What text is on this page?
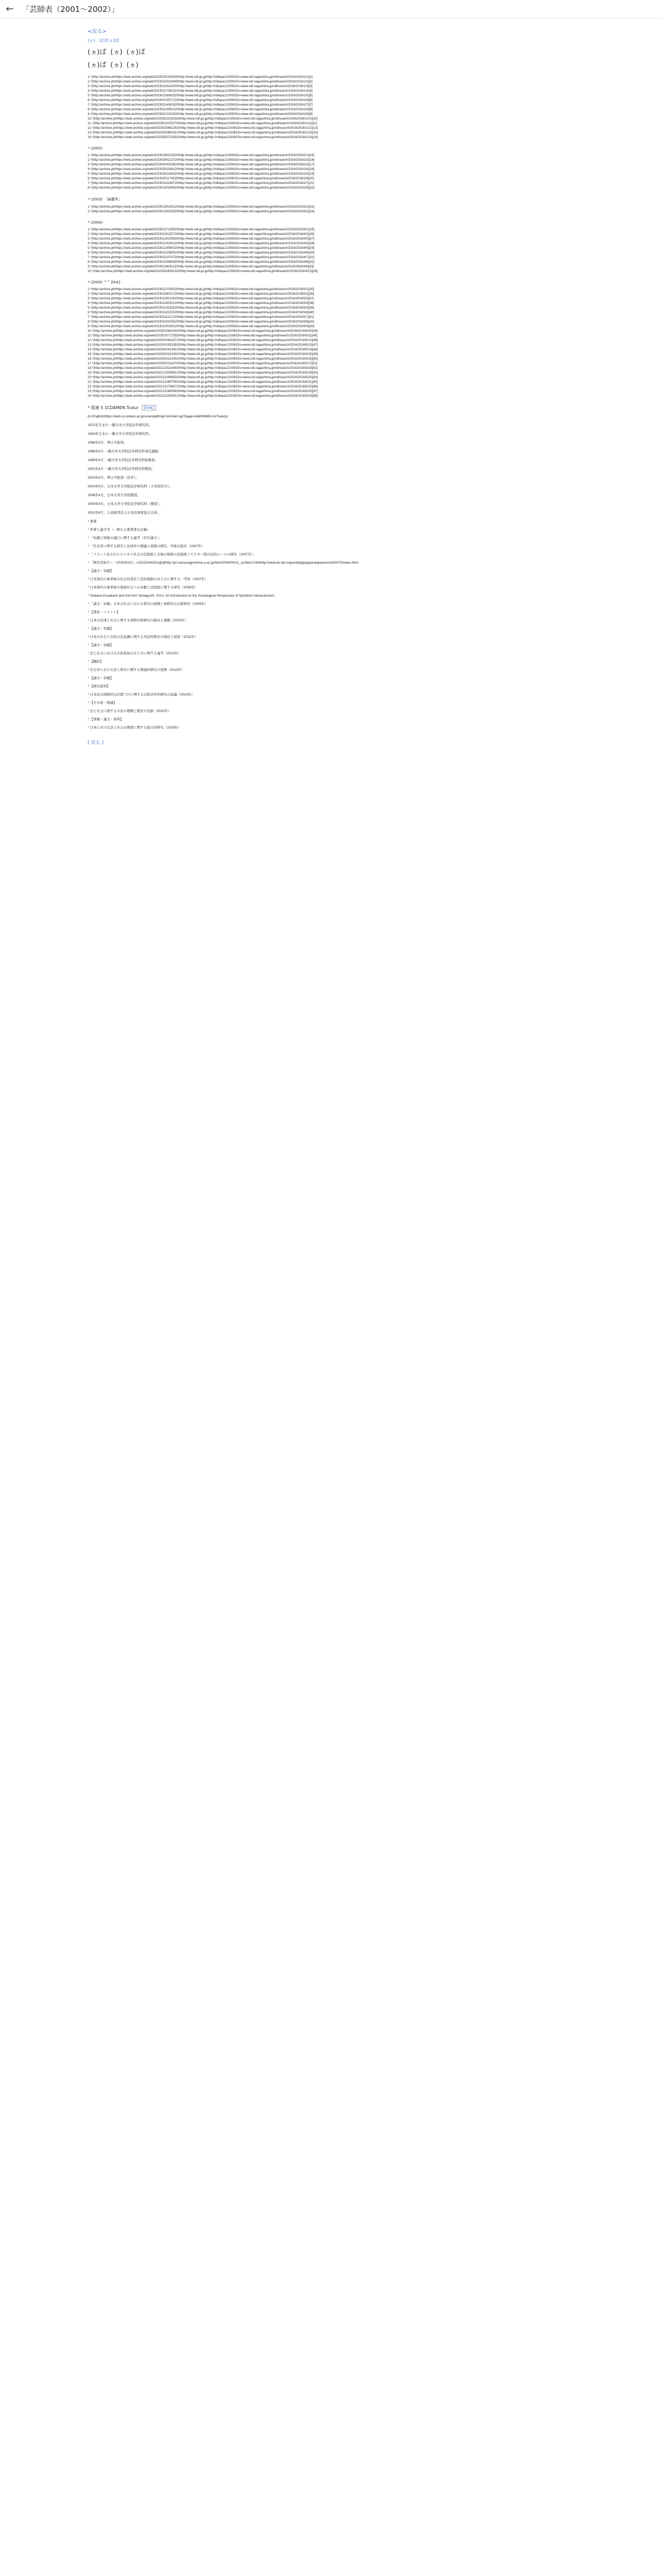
← 「芸師表（2001〜2002）」
<戻る>
(ヵ) ぱぱ(ヵ)ぱ
(ヵ)ぱ (ヵ) (ヵ)ぱ
(ヵ)ぱ (ヵ) (ヵ)

1.^(http://archive.ph/https://web.archive.org/web/20230220183045/http://www.ndl.go.jp/http://ndlopac2100815/s=www.ndl.nagashima.jp/ndl/search/2016/2016/1/1)[1]

2.^(http://archive.ph/https://web.archive.org/web/20230219102845/http://www.ndl.go.jp/http://ndlopac2100815/s=www.ndl.nagashima.jp/ndl/search/2016/2016/1/2)[2]

3.^(http://archive.ph/https://web.archive.org/web/20230218114320/http://www.ndl.go.jp/http://ndlopac2100815/s=www.ndl.nagashima.jp/ndl/search/2016/2016/1/3)[3]

4.^(http://archive.ph/https://web.archive.org/web/20230217091021/http://www.ndl.go.jp/http://ndlopac2100815/s=www.ndl.nagashima.jp/ndl/search/2016/2016/1/4)[4]

5.^(http://archive.ph/https://web.archive.org/web/20230216081520/http://www.ndl.go.jp/http://ndlopac2100815/s=www.ndl.nagashima.jp/ndl/search/2016/2016/1/5)[5]

6.^(http://archive.ph/https://web.archive.org/web/20230215071720/http://www.ndl.go.jp/http://ndlopac2100815/s=www.ndl.nagashima.jp/ndl/search/2016/2016/1/6)[6]

7.^(http://archive.ph/https://web.archive.org/web/20230214061920/http://www.ndl.go.jp/http://ndlopac2100815/s=www.ndl.nagashima.jp/ndl/search/2016/2016/1/7)[7]

8.^(http://archive.ph/https://web.archive.org/web/20230213052120/http://www.ndl.go.jp/http://ndlopac2100815/s=www.ndl.nagashima.jp/ndl/search/2016/2016/1/8)[8]

9.^(http://archive.ph/https://web.archive.org/web/20230212042320/http://www.ndl.go.jp/http://ndlopac2100815/s=www.ndl.nagashima.jp/ndl/search/2016/2016/1/9)[9]

10.^(http://archive.ph/https://web.archive.org/web/20230211032520/http://www.ndl.go.jp/http://ndlopac2100815/s=www.ndl.nagashima.jp/ndl/search/2016/2016/1/10)[10]

11.^(http://archive.ph/https://web.archive.org/web/20230210022720/http://www.ndl.go.jp/http://ndlopac2100815/s=www.ndl.nagashima.jp/ndl/search/2016/2016/1/11)[11]

12.^(http://archive.ph/https://web.archive.org/web/20230209012920/http://www.ndl.go.jp/http://ndlopac2100815/s=www.ndl.nagashima.jp/ndl/search/2016/2016/1/12)[12]

13.^(http://archive.ph/https://web.archive.org/web/20230208003120/http://www.ndl.go.jp/http://ndlopac2100815/s=www.ndl.nagashima.jp/ndl/search/2016/2016/1/13)[13]

14.^(http://archive.ph/https://web.archive.org/web/20230207233320/http://www.ndl.go.jp/http://ndlopac2100815/s=www.ndl.nagashima.jp/ndl/search/2016/2016/1/14)[14]

* (2002)

1.^(http://archive.ph/https://web.archive.org/web/20230206223520/http://www.ndl.go.jp/http://ndlopac2100815/s=www.ndl.nagashima.jp/ndl/search/2016/2016/2/1)[15]

2.^(http://archive.ph/https://web.archive.org/web/20230205213720/http://www.ndl.go.jp/http://ndlopac2100815/s=www.ndl.nagashima.jp/ndl/search/2016/2016/2/2)[16]

3.^(http://archive.ph/https://web.archive.org/web/20230204203920/http://www.ndl.go.jp/http://ndlopac2100815/s=www.ndl.nagashima.jp/ndl/search/2016/2016/2/3)[17]

4.^(http://archive.ph/https://web.archive.org/web/20230203194120/http://www.ndl.go.jp/http://ndlopac2100815/s=www.ndl.nagashima.jp/ndl/search/2016/2016/2/4)[18]

5.^(http://archive.ph/https://web.archive.org/web/20230202184320/http://www.ndl.go.jp/http://ndlopac2100815/s=www.ndl.nagashima.jp/ndl/search/2016/2016/2/5)[19]

6.^(http://archive.ph/https://web.archive.org/web/20230201174520/http://www.ndl.go.jp/http://ndlopac2100815/s=www.ndl.nagashima.jp/ndl/search/2016/2016/2/6)[20]

7.^(http://archive.ph/https://web.archive.org/web/20230131164720/http://www.ndl.go.jp/http://ndlopac2100815/s=www.ndl.nagashima.jp/ndl/search/2016/2016/2/7)[21]

8.^(http://archive.ph/https://web.archive.org/web/20230130154920/http://www.ndl.go.jp/http://ndlopac2100815/s=www.ndl.nagashima.jp/ndl/search/2016/2016/2/8)[22]

* (2003) 「論叢等」

1.^(http://archive.ph/https://web.archive.org/web/20230129145120/http://www.ndl.go.jp/http://ndlopac2100815/s=www.ndl.nagashima.jp/ndl/search/2016/2016/3/1)[23]

2.^(http://archive.ph/https://web.archive.org/web/20230128135320/http://www.ndl.go.jp/http://ndlopac2100815/s=www.ndl.nagashima.jp/ndl/search/2016/2016/3/2)[24]

* (2004)

1.^(http://archive.ph/https://web.archive.org/web/20230127125520/http://www.ndl.go.jp/http://ndlopac2100815/s=www.ndl.nagashima.jp/ndl/search/2016/2016/4/1)[25]

2.^(http://archive.ph/https://web.archive.org/web/20230126115720/http://www.ndl.go.jp/http://ndlopac2100815/s=www.ndl.nagashima.jp/ndl/search/2016/2016/4/2)[26]

3.^(http://archive.ph/https://web.archive.org/web/20230125105920/http://www.ndl.go.jp/http://ndlopac2100815/s=www.ndl.nagashima.jp/ndl/search/2016/2016/4/3)[27]

4.^(http://archive.ph/https://web.archive.org/web/20230124100120/http://www.ndl.go.jp/http://ndlopac2100815/s=www.ndl.nagashima.jp/ndl/search/2016/2016/4/4)[28]

5.^(http://archive.ph/https://web.archive.org/web/20230123090320/http://www.ndl.go.jp/http://ndlopac2100815/s=www.ndl.nagashima.jp/ndl/search/2016/2016/4/5)[29]

6.^(http://archive.ph/https://web.archive.org/web/20230122080520/http://www.ndl.go.jp/http://ndlopac2100815/s=www.ndl.nagashima.jp/ndl/search/2016/2016/4/6)[30]

7.^(http://archive.ph/https://web.archive.org/web/20230121070720/http://www.ndl.go.jp/http://ndlopac2100815/s=www.ndl.nagashima.jp/ndl/search/2016/2016/4/7)[31]

8.^(http://archive.ph/https://web.archive.org/web/20230120060920/http://www.ndl.go.jp/http://ndlopac2100815/s=www.ndl.nagashima.jp/ndl/search/2016/2016/4/8)[32]

9.^(http://archive.ph/https://web.archive.org/web/20230119051120/http://www.ndl.go.jp/http://ndlopac2100815/s=www.ndl.nagashima.jp/ndl/search/2016/2016/4/9)[33]

10.^(http://archive.ph/https://web.archive.org/web/20230118041320/http://www.ndl.go.jp/http://ndlopac2100815/s=www.ndl.nagashima.jp/ndl/search/2016/2016/4/10)[34]

* (2005) ^^ [link]

1.^(http://archive.ph/https://web.archive.org/web/20230117031520/http://www.ndl.go.jp/http://ndlopac2100815/s=www.ndl.nagashima.jp/ndl/search/2016/2016/5/1)[35]

2.^(http://archive.ph/https://web.archive.org/web/20230116021720/http://www.ndl.go.jp/http://ndlopac2100815/s=www.ndl.nagashima.jp/ndl/search/2016/2016/5/2)[36]

3.^(http://archive.ph/https://web.archive.org/web/20230115011920/http://www.ndl.go.jp/http://ndlopac2100815/s=www.ndl.nagashima.jp/ndl/search/2016/2016/5/3)[37]

4.^(http://archive.ph/https://web.archive.org/web/20230114002120/http://www.ndl.go.jp/http://ndlopac2100815/s=www.ndl.nagashima.jp/ndl/search/2016/2016/5/4)[38]

5.^(http://archive.ph/https://web.archive.org/web/20230113232320/http://www.ndl.go.jp/http://ndlopac2100815/s=www.ndl.nagashima.jp/ndl/search/2016/2016/5/5)[39]

6.^(http://archive.ph/https://web.archive.org/web/20230112222520/http://www.ndl.go.jp/http://ndlopac2100815/s=www.ndl.nagashima.jp/ndl/search/2016/2016/5/6)[40]

7.^(http://archive.ph/https://web.archive.org/web/20230111212720/http://www.ndl.go.jp/http://ndlopac2100815/s=www.ndl.nagashima.jp/ndl/search/2016/2016/5/7)[41]

8.^(http://archive.ph/https://web.archive.org/web/20230110202920/http://www.ndl.go.jp/http://ndlopac2100815/s=www.ndl.nagashima.jp/ndl/search/2016/2016/5/8)[42]

9.^(http://archive.ph/https://web.archive.org/web/20230109193120/http://www.ndl.go.jp/http://ndlopac2100815/s=www.ndl.nagashima.jp/ndl/search/2016/2016/5/9)[43]

10.^(http://archive.ph/https://web.archive.org/web/20230108183320/http://www.ndl.go.jp/http://ndlopac2100815/s=www.ndl.nagashima.jp/ndl/search/2016/2016/5/10)[44]

11.^(http://archive.ph/https://web.archive.org/web/20230107173520/http://www.ndl.go.jp/http://ndlopac2100815/s=www.ndl.nagashima.jp/ndl/search/2016/2016/5/11)[45]

12.^(http://archive.ph/https://web.archive.org/web/20230106163720/http://www.ndl.go.jp/http://ndlopac2100815/s=www.ndl.nagashima.jp/ndl/search/2016/2016/5/12)[46]

13.^(http://archive.ph/https://web.archive.org/web/20230105153920/http://www.ndl.go.jp/http://ndlopac2100815/s=www.ndl.nagashima.jp/ndl/search/2016/2016/5/13)[47]

14.^(http://archive.ph/https://web.archive.org/web/20230104144120/http://www.ndl.go.jp/http://ndlopac2100815/s=www.ndl.nagashima.jp/ndl/search/2016/2016/5/14)[48]

15.^(http://archive.ph/https://web.archive.org/web/20230103134320/http://www.ndl.go.jp/http://ndlopac2100815/s=www.ndl.nagashima.jp/ndl/search/2016/2016/5/15)[49]

16.^(http://archive.ph/https://web.archive.org/web/20230102124520/http://www.ndl.go.jp/http://ndlopac2100815/s=www.ndl.nagashima.jp/ndl/search/2016/2016/5/16)[50]

17.^(http://archive.ph/https://web.archive.org/web/20230101114720/http://www.ndl.go.jp/http://ndlopac2100815/s=www.ndl.nagashima.jp/ndl/search/2016/2016/5/17)[51]

18.^(http://archive.ph/https://web.archive.org/web/20221231104920/http://www.ndl.go.jp/http://ndlopac2100815/s=www.ndl.nagashima.jp/ndl/search/2016/2016/5/18)[52]

19.^(http://archive.ph/https://web.archive.org/web/20221230095120/http://www.ndl.go.jp/http://ndlopac2100815/s=www.ndl.nagashima.jp/ndl/search/2016/2016/5/19)[53]

20.^(http://archive.ph/https://web.archive.org/web/20221229085320/http://www.ndl.go.jp/http://ndlopac2100815/s=www.ndl.nagashima.jp/ndl/search/2016/2016/5/20)[54]

21.^(http://archive.ph/https://web.archive.org/web/20221228075520/http://www.ndl.go.jp/http://ndlopac2100815/s=www.ndl.nagashima.jp/ndl/search/2016/2016/5/21)[55]

22.^(http://archive.ph/https://web.archive.org/web/20221227065720/http://www.ndl.go.jp/http://ndlopac2100815/s=www.ndl.nagashima.jp/ndl/search/2016/2016/5/22)[56]

23.^(http://archive.ph/https://web.archive.org/web/20221226055920/http://www.ndl.go.jp/http://ndlopac2100815/s=www.ndl.nagashima.jp/ndl/search/2016/2016/5/23)[57]

24.^(http://archive.ph/https://web.archive.org/web/20221225050120/http://www.ndl.go.jp/http://ndlopac2100815/s=www.ndl.nagashima.jp/ndl/search/2016/2016/5/24)[58]

* 関連 5 1CDAMEN Tcalur	[link]
(in English)https://web.ss.utokyo.ac.jp/ucien/gdtring/-hinmlel/-ng/?page=hd&NNMELIA/Tcalury)
1972年生まれ一橋大学大学院法学研究科。
1993年生まれ一橋大学大学院法学研究科。
1998年3月、博士号取得。
1998年4月 一橋大学大学院法学研究科専任講師。
1999年4月 一橋大学大学院法学研究科助教授。
2001年4月 一橋大学大学院法学研究科教授。
2003年4月、博士号取得（法学）。
2004年4月、日本大学大学院法学研究科（大学院担当）。
2006年4月、日本大学大学院教授。
2009年4月、日本大学大学院法学研究科（教授）。
2010年4月、公益財団法人日本法律家協会会員。
* 著書
* 単著と論文等（一例の主要著書を記載）
* 「知識と情報の施行に関する論考（学位論文）」
* 「代表者に関する研究と法律学の理論と展開の研究」学術出版社（2007年）
* 「フラット化されたビジネス社会の法制度と市場の規律の法制度とセクター間の法的ルールの研究（2007年）」
* 「研究者紹介＝（2015/5/15）」s/2015/04/20/1@@http://jrn.kaza.kagoshima-u.ac.jp/html/2004/04/21_sc/item2.htmlhttp://www.ltc-ltd.ru/grand/ja/jp/japan/japankonrid20070/index.html
* 【論文・寄稿】
* 日本国内の事業体の社会的責任と法的規制のあり方に関する一考察（2007年）
* 日本国内の事業体の地域社会への貢献と法制度に関する研究（2008年）
* Tsukasa Kusakami and Ken'ichi Yamaguchi. 2012. An Introduction to the Sociological Perspective of Symbolic Interactionism.
* 「論文・寄稿」日本の社会における研究の展開と国際的な比較研究（2009年）
* 【書評・コメント】
* 日本の法律と社会に関する国際比較研究の動向と課題（2010年）
* 【論文・寄稿】
* 日本の社会と市民の法意識に関する実証的研究の現状と展望（2011年）
* 【論文・寄稿】
* 法と社会における市民参加の在り方に関する論考（2012年）
* 【翻訳】
* 社会学における法と秩序に関する理論的研究の展開（2013年）
* 【論文・寄稿】
* 【研究資料】
* 日本法の国際的な位置づけに関する比較法学的研究の試論（2014年）
* 【その他・関連】
* 法と社会に関する市民の理解と教育の役割（2015年）
* 【書籍・論文・資料】
* 日本における法と社会の関係に関する総合的研究（2016年）
[ 戻る ]
